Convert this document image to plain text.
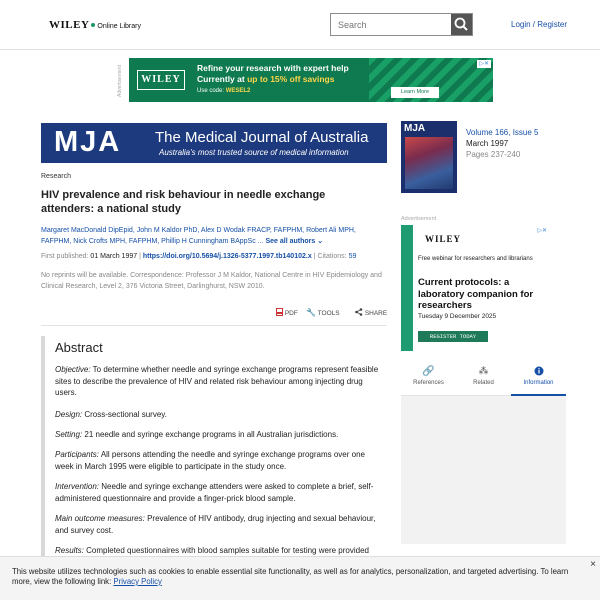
WILEY Online Library
Search	Login / Register
Advertisement	WILEY
Refine your research with expert help
Currently at up to 15% off savings
Use code: WESEL2	Learn More
▷✕
MJA The Medical Journal of Australia
Australia's most trusted source of medical information
MJA	Volume 166, Issue 5
March 1997
Pages 237-240
Research
HIV prevalence and risk behaviour in needle exchange attenders: a national study
Margaret MacDonald DipEpid, John M Kaldor PhD, Alex D Wodak FRACP, FAFPHM, Robert Ali MPH, FAFPHM, Nick Crofts MPH, FAFPHM, Phillip H Cunningham BAppSc ... See all authors ⌄
First published: 01 March 1997 | https://doi.org/10.5694/j.1326-5377.1997.tb140102.x | Citations: 59
No reprints will be available. Correspondence: Professor J M Kaldor, National Centre in HIV Epidemiology and Clinical Research, Level 2, 376 Victoria Street, Darlinghurst, NSW 2010.
PDF 🔧 TOOLS	SHARE
Abstract
Objective: To determine whether needle and syringe exchange programs represent feasible sites to describe the prevalence of HIV and related risk behaviour among injecting drug users.
Design: Cross-sectional survey.
Setting: 21 needle and syringe exchange programs in all Australian jurisdictions.
Participants: All persons attending the needle and syringe exchange programs over one week in March 1995 were eligible to participate in the study once.
Intervention: Needle and syringe exchange attenders were asked to complete a brief, self-administered questionnaire and provide a finger-prick blood sample.
Main outcome measures: Prevalence of HIV antibody, drug injecting and sexual behaviour, and survey cost.
Results: Completed questionnaires with blood samples suitable for testing were provided
Advertisement
WILEY
Free webinar for researchers and librarians
Current protocols: a laboratory companion for researchers
Tuesday 9 December 2025
REGISTER TODAY
▷✕
🔗
References
⁂
Related	Information
This website utilizes technologies such as cookies to enable essential site functionality, as well as for analytics, personalization, and targeted advertising. To learn more, view the following link: Privacy Policy
×
